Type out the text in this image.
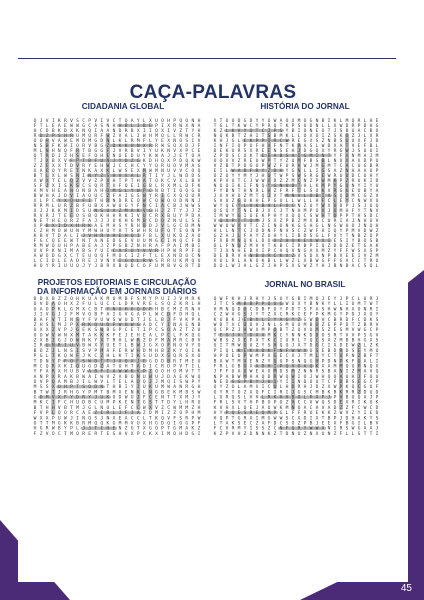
CAÇA-PALAVRAS
CIDADANIA GLOBAL
Q J V I K R V S C P V I V C T Q A Y L X U O H P Q O N H
F T L E A E W W G C A S N H H B L I B E P I X R W X N A
H C D B K D X K N Q I A A N D R B X I I Q X I V Z T Y H
R D Z P S H R U M Q R F W Z V A L J W H M O L L R W C R
O O H V A W E M D M G D N L K L R M F L Y E X N O S I V
N S B F K W I Q R V B G Z D K K H N X R R W S O X D J F
M L N H N Q F R T B G G F J V R B V I Y U K N V X P C E
Q T R D J Z H S E F O H E N O E D U Y K W A J J E T O A
T J X B X V F P T B F U N J Y D Z G K D H Q X P D Q K W
Z Z E X X T D V R Y E H W J C C H C Y Y Q R U O V M A G
X A E Q Y R E T N K A X K L W S E X M W M N U V V C O Q
B T L X L W S N I N Y Z S H V X A L R T I Y J L W D D G
X W X T E L Q Z V V Z P X H T P T H A T O K C V X L B V
S F J X I S K S C S Q R T X F O E I G B L R X M L D F K
A M V H E A N O N B A H D M G L Y W P C N B T I O Q G U
B W H A J D V I A O U C Z F A I G S W Y R I C X O O U R
X L P C Y X O U F I T H R N D R E Q W C O W O O D N N J
R R M L U R Z B F U B X A W U G Y F N C I A C B J W W S
X J J K K M I D S U N S U A Z M A K V G H J Z T Y J J Z
R V R J T E E O S B O K H H R K I V U C R X B U Y P D A
N E T H E Q R Z F A J J J U K H G M B C D O Z N U L S E
X P B X I D X H R K A E M H S Y B H B D J V L G C D M N
C Z H M O W U N Y M W H U Y H T S W H R U F Q T E O N P
K B V T D A L I J V H R V H E H Q I F B L X U K O Z A O
F G C Q E E W T N T A N E D G E V U U M G C I N Q C F D
R M W Q U H P A B E A J Z P G B Z N H R A F P A I M B I
V V P K N I M A B S Y U I C X F U Y V V R H P W R P F Q
A W O D G X C T E U O Q F M O C I Z F T L E X N D O C N
L C I D L E A D R E J V N V I G Q L R V S R R U K M Q U
H O Y R I U U Q J Y J B R X B Q D C O F U M B V G R T D
HISTÓRIA DO JORNAL
X T O U D G D Y Y O W A O X M O G N B I K L M Q R L H E
T G L T K W C Y P R Q T K P S U D N L L X W D R P D H G
K Z L K V Y Q T C J P G Y B I O N E O T J S B U A C B O
N Q K B T Z H I T S B M K L L O X O I Z S K O Z J L X R
K H J G L E K P P O R C W R E G X S Z N B S U U X F J D
I N F I Q P U F H X F N T K R A S L W D X A T V E F B L
D E K U R S X R E E N S E H J D G Q X Y R G W J S U U I
Z P D S C U K T E B A B S A O G M I N T Y F X N M A J M
O O V V Z R E U W P T Y Z U M F B S B L N U X A X D P U
V Z B T P D G O P W Z F U R V W J M G M T C A C U G B R
E I L W A B F R Y Z D H Y G N L L I G S A Z N H A A U P
O Z Q Y Y M Y J H Q T W P S W S R G E W R U U D C O H Y
K P V U T C J W W X D Z Z M C N Z P W M K P Z R U K I D
N O O I K I F N Q Y G N U D T H L K M P Y G Q N Y I Y U
F Y B N T H N R L H Z F R F T L S O K X R G K E O B Y A
J X V H O Z M T Q J V T M N V L O B I X S Q D M C G Z V
S V U Z G U K H E P G U L L W L L H F C L E Y C N W X U
W Y Q E Y L V K B H L F O C N Z U Y W X U D P J S J O Q
Q G Q Y T N E B J X C J T N H M P O X J O M H F Y T N V
I M W Y G I O E K P H Y X Q Q C S W A T D P P T H S D C
V Q X P O T Q M J S X Z P B Z M X B C U R I A J N H O V
W W U W X V T C Z C N O N K G G H G L N G W H O J N Q H
H L L N T C J O D N F N V S C Z W F H I Q Y P M V D W Z
G Z A J L F A Y Z U H Y L I B D S G L F V Y T N B Z O P
F X B M N Q K L D O O Z H Q K E X W X I E S I Y B O S B
O L F N Q Z M V V T K B C I R B P I Q Z D D Z E T G A K
T J X N H E B X I P C V Q V N G A X M Z Y F F W S X S P
D E B R V H N B O R C K X Z V S D X N P B V E E I V Z M
X O L R L A K O K B L L W Z L X B W G F F G A C C T R U
D O L W J A L G Z J H P S X G W Z Y H J B N B A C S Q L
PROJETOS EDITORIAIS E CIRCULAÇÃO DA INFORMAÇÃO EM JORNAIS DIÁRIOS
D D X B Z Z O H K U A K M U M B F S M Y P U I J V M R K
O V D A O H X Z F U L U C C L D R V R E L S Q Z K R L H
O A O P K L G M X C B T Y N U H O Q D F H B E M Z R N V
J I V G J J F M V O B F A I G V G A P L W C D F D H Q L
B A F V T I N S Y F V U W S W U D T J E L B J F V K P A
Z H S L M J P X R K Q U D F W H W G A D C Y I N A E N B
O X X Z V P J G E K S W B G P C E T I P C S O A Z T Z U
U O W V W N X M T A K K K F E J E H E A L P C L F K Q G
Z X B I G J D W N K Y X T R H L W R Z D F M A M R C B V
I R U N R I U V B W X Y U E T L B W J G X O F N O V Y O
B O Z J L N S I S V P M A F E R W H D M H B Z K Y Q I K
P G L T K Q W F J K C Z H L K T I K S U D X S Q R S X O
T D N Y P F O F S W D T T J X Q X J E G D D B R T M E U
M C Q R X K I Q U G D Z A T U H T A D I C R D P V T I L
Y F A R X H U B V A B F I A W W K K P Z Q O H O M V T T
A N P X R A K B W A I W V Z X B O N U W U J D A E K W Q
O V P Q A M B J I L W V L T E L A Q Q J J M Q I S W P Y
M S S X U H P T S O D N T H B I Y J U K U M W A N R G H
B T W T J R H G Y P M T B M X E N K L N G B E K M B S W
G D M V X F Y D R Y J U K O D W U J F C E N T T X M J Y
M K C I F C H U D B C U M P K E N T G S T T D Y L H R U
B T H H V B T M J G L N U L E F C C W X V Z C W M M Z H
F V P L Q O R C A E Z I R L J F J A Z D M I Z Z O P H M
W X X P U W J I N Q S J N X E A C C L T K Q V F S R P W
O T T M G K K B R M Q Q K G M M V U X H G D Q I O G P F
H G R W B Y P L J J T I H E N Z G T X G O P T G M A K Z
F Z V O C T M Q R E R T E G H V X P C K X I M O H D G I
JORNAL NO BRASIL
Q W F K H J R H Y J S U Y G B I M O J E Y J P C L U R J
J T C S M B B P P Q U G W U X Y B N K Y L L I U M T W T
H M N Q D O C D B F O Y P D T S F A S H W N H X O N R I
C Z W V G S J Y T Z X C R K C E F P K M G Y P D J X O Y
K U B K J E B X L I Y A G Y Z G W U H C B R D F C D K S
W D T X C O D V J N L G M U O M B O Z E P P D T Z B R V
Q C P Z J H W X M P O B T Z Q V U M S Z E S M V W G C P
T E O J X T D X X M K C Y N N K D D O S R T V V P S G V
W B S Z X E P X T K C I U R L T Q C S A Z M B B H G X S
U I T M W O U Z Y S H Q O J X T D G C I X D E W Z L Z K
P I Q L K E K A D K F N F W W X O S E B D R D S E Y M U
H P O E U P W M P X G E C X J T M L Y C T U P N Z B F T
B A W T M V E N Z Y Q U P S N Q G H P D N P K F Q A L I
F R L G B O X A D H I P Q V O A Q K X A M M Q U P N Q X
J F F U A U W E A O M D S M Z N N R S B A N I Z M A V Q
N P A B W M H A Q D R W Q W I O J W H Q Q A U H J F O U
N E D S G P B Y J U Q Y I I N D O U T C F D B S E G C P
Q Y Z O L A M X I C U L H D R H J D Z X W P K Q C G U F
O Y R T O Z X Q F C I R I J G S C M B K B K R R Z D U D
L U R Q S L H H L R K H H B O L P X F J P H B U Q A J P
F R L S V T H P B U P O Z H C C V W Q S D E X R I K U K
K V H X L Q E J A O W K M N Q A C H V A D Z Z F C W C D
H Y P Q E S R E Q M P G L F F R U E K K Z W V Z Y I E D
H Q P T G R X I M G W W S C X D I X T B P J D H A K Y S
L T A K S E C Z A F D C S O Z P B J E E X F B G I L B V
F C V R M Y I S S Z C N F Q R Y W W X N I R S W G A A J
K Z P V H Z D N N K Z T D N U Z N X U N Z F L L S T T I
45
